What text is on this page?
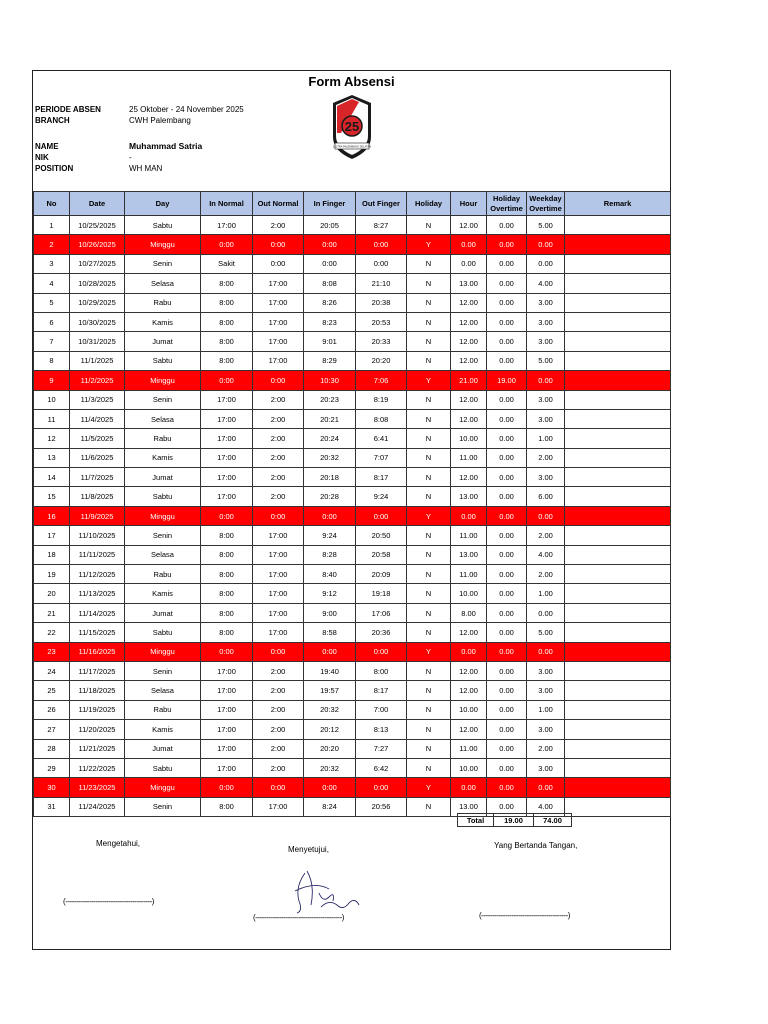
Form Absensi
PERIODE ABSEN	25 Oktober - 24 November 2025
BRANCH	CWH Palembang
NAME	Muhammad Satria
NIK	-
POSITION	WH MAN
25
JALTRA PALEMBANG SELATAN
No	Date	Day	In Normal	Out Normal	In Finger	Out Finger	Holiday	Hour	Holiday Overtime	Weekday Overtime	Remark
1	10/25/2025	Sabtu	17:00	2:00	20:05	8:27	N	12.00	0.00	5.00	
2	10/26/2025	Minggu	0:00	0:00	0:00	0:00	Y	0.00	0.00	0.00	
3	10/27/2025	Senin	Sakit	0:00	0:00	0:00	N	0.00	0.00	0.00	
4	10/28/2025	Selasa	8:00	17:00	8:08	21:10	N	13.00	0.00	4.00	
5	10/29/2025	Rabu	8:00	17:00	8:26	20:38	N	12.00	0.00	3.00	
6	10/30/2025	Kamis	8:00	17:00	8:23	20:53	N	12.00	0.00	3.00	
7	10/31/2025	Jumat	8:00	17:00	9:01	20:33	N	12.00	0.00	3.00	
8	11/1/2025	Sabtu	8:00	17:00	8:29	20:20	N	12.00	0.00	5.00	
9	11/2/2025	Minggu	0:00	0:00	10:30	7:06	Y	21.00	19.00	0.00	
10	11/3/2025	Senin	17:00	2:00	20:23	8:19	N	12.00	0.00	3.00	
11	11/4/2025	Selasa	17:00	2:00	20:21	8:08	N	12.00	0.00	3.00	
12	11/5/2025	Rabu	17:00	2:00	20:24	6:41	N	10.00	0.00	1.00	
13	11/6/2025	Kamis	17:00	2:00	20:32	7:07	N	11.00	0.00	2.00	
14	11/7/2025	Jumat	17:00	2:00	20:18	8:17	N	12.00	0.00	3.00	
15	11/8/2025	Sabtu	17:00	2:00	20:28	9:24	N	13.00	0.00	6.00	
16	11/9/2025	Minggu	0:00	0:00	0:00	0:00	Y	0.00	0.00	0.00	
17	11/10/2025	Senin	8:00	17:00	9:24	20:50	N	11.00	0.00	2.00	
18	11/11/2025	Selasa	8:00	17:00	8:28	20:58	N	13.00	0.00	4.00	
19	11/12/2025	Rabu	8:00	17:00	8:40	20:09	N	11.00	0.00	2.00	
20	11/13/2025	Kamis	8:00	17:00	9:12	19:18	N	10.00	0.00	1.00	
21	11/14/2025	Jumat	8:00	17:00	9:00	17:06	N	8.00	0.00	0.00	
22	11/15/2025	Sabtu	8:00	17:00	8:58	20:36	N	12.00	0.00	5.00	
23	11/16/2025	Minggu	0:00	0:00	0:00	0:00	Y	0.00	0.00	0.00	
24	11/17/2025	Senin	17:00	2:00	19:40	8:00	N	12.00	0.00	3.00	
25	11/18/2025	Selasa	17:00	2:00	19:57	8:17	N	12.00	0.00	3.00	
26	11/19/2025	Rabu	17:00	2:00	20:32	7:00	N	10.00	0.00	1.00	
27	11/20/2025	Kamis	17:00	2:00	20:12	8:13	N	12.00	0.00	3.00	
28	11/21/2025	Jumat	17:00	2:00	20:20	7:27	N	11.00	0.00	2.00	
29	11/22/2025	Sabtu	17:00	2:00	20:32	6:42	N	10.00	0.00	3.00	
30	11/23/2025	Minggu	0:00	0:00	0:00	0:00	Y	0.00	0.00	0.00	
31	11/24/2025	Senin	8:00	17:00	8:24	20:56	N	13.00	0.00	4.00	
Total	19.00	74.00
Mengetahui,
Menyetujui,	Yang Bertanda Tangan,
(----------------------------------------)
(----------------------------------------)	(----------------------------------------)
